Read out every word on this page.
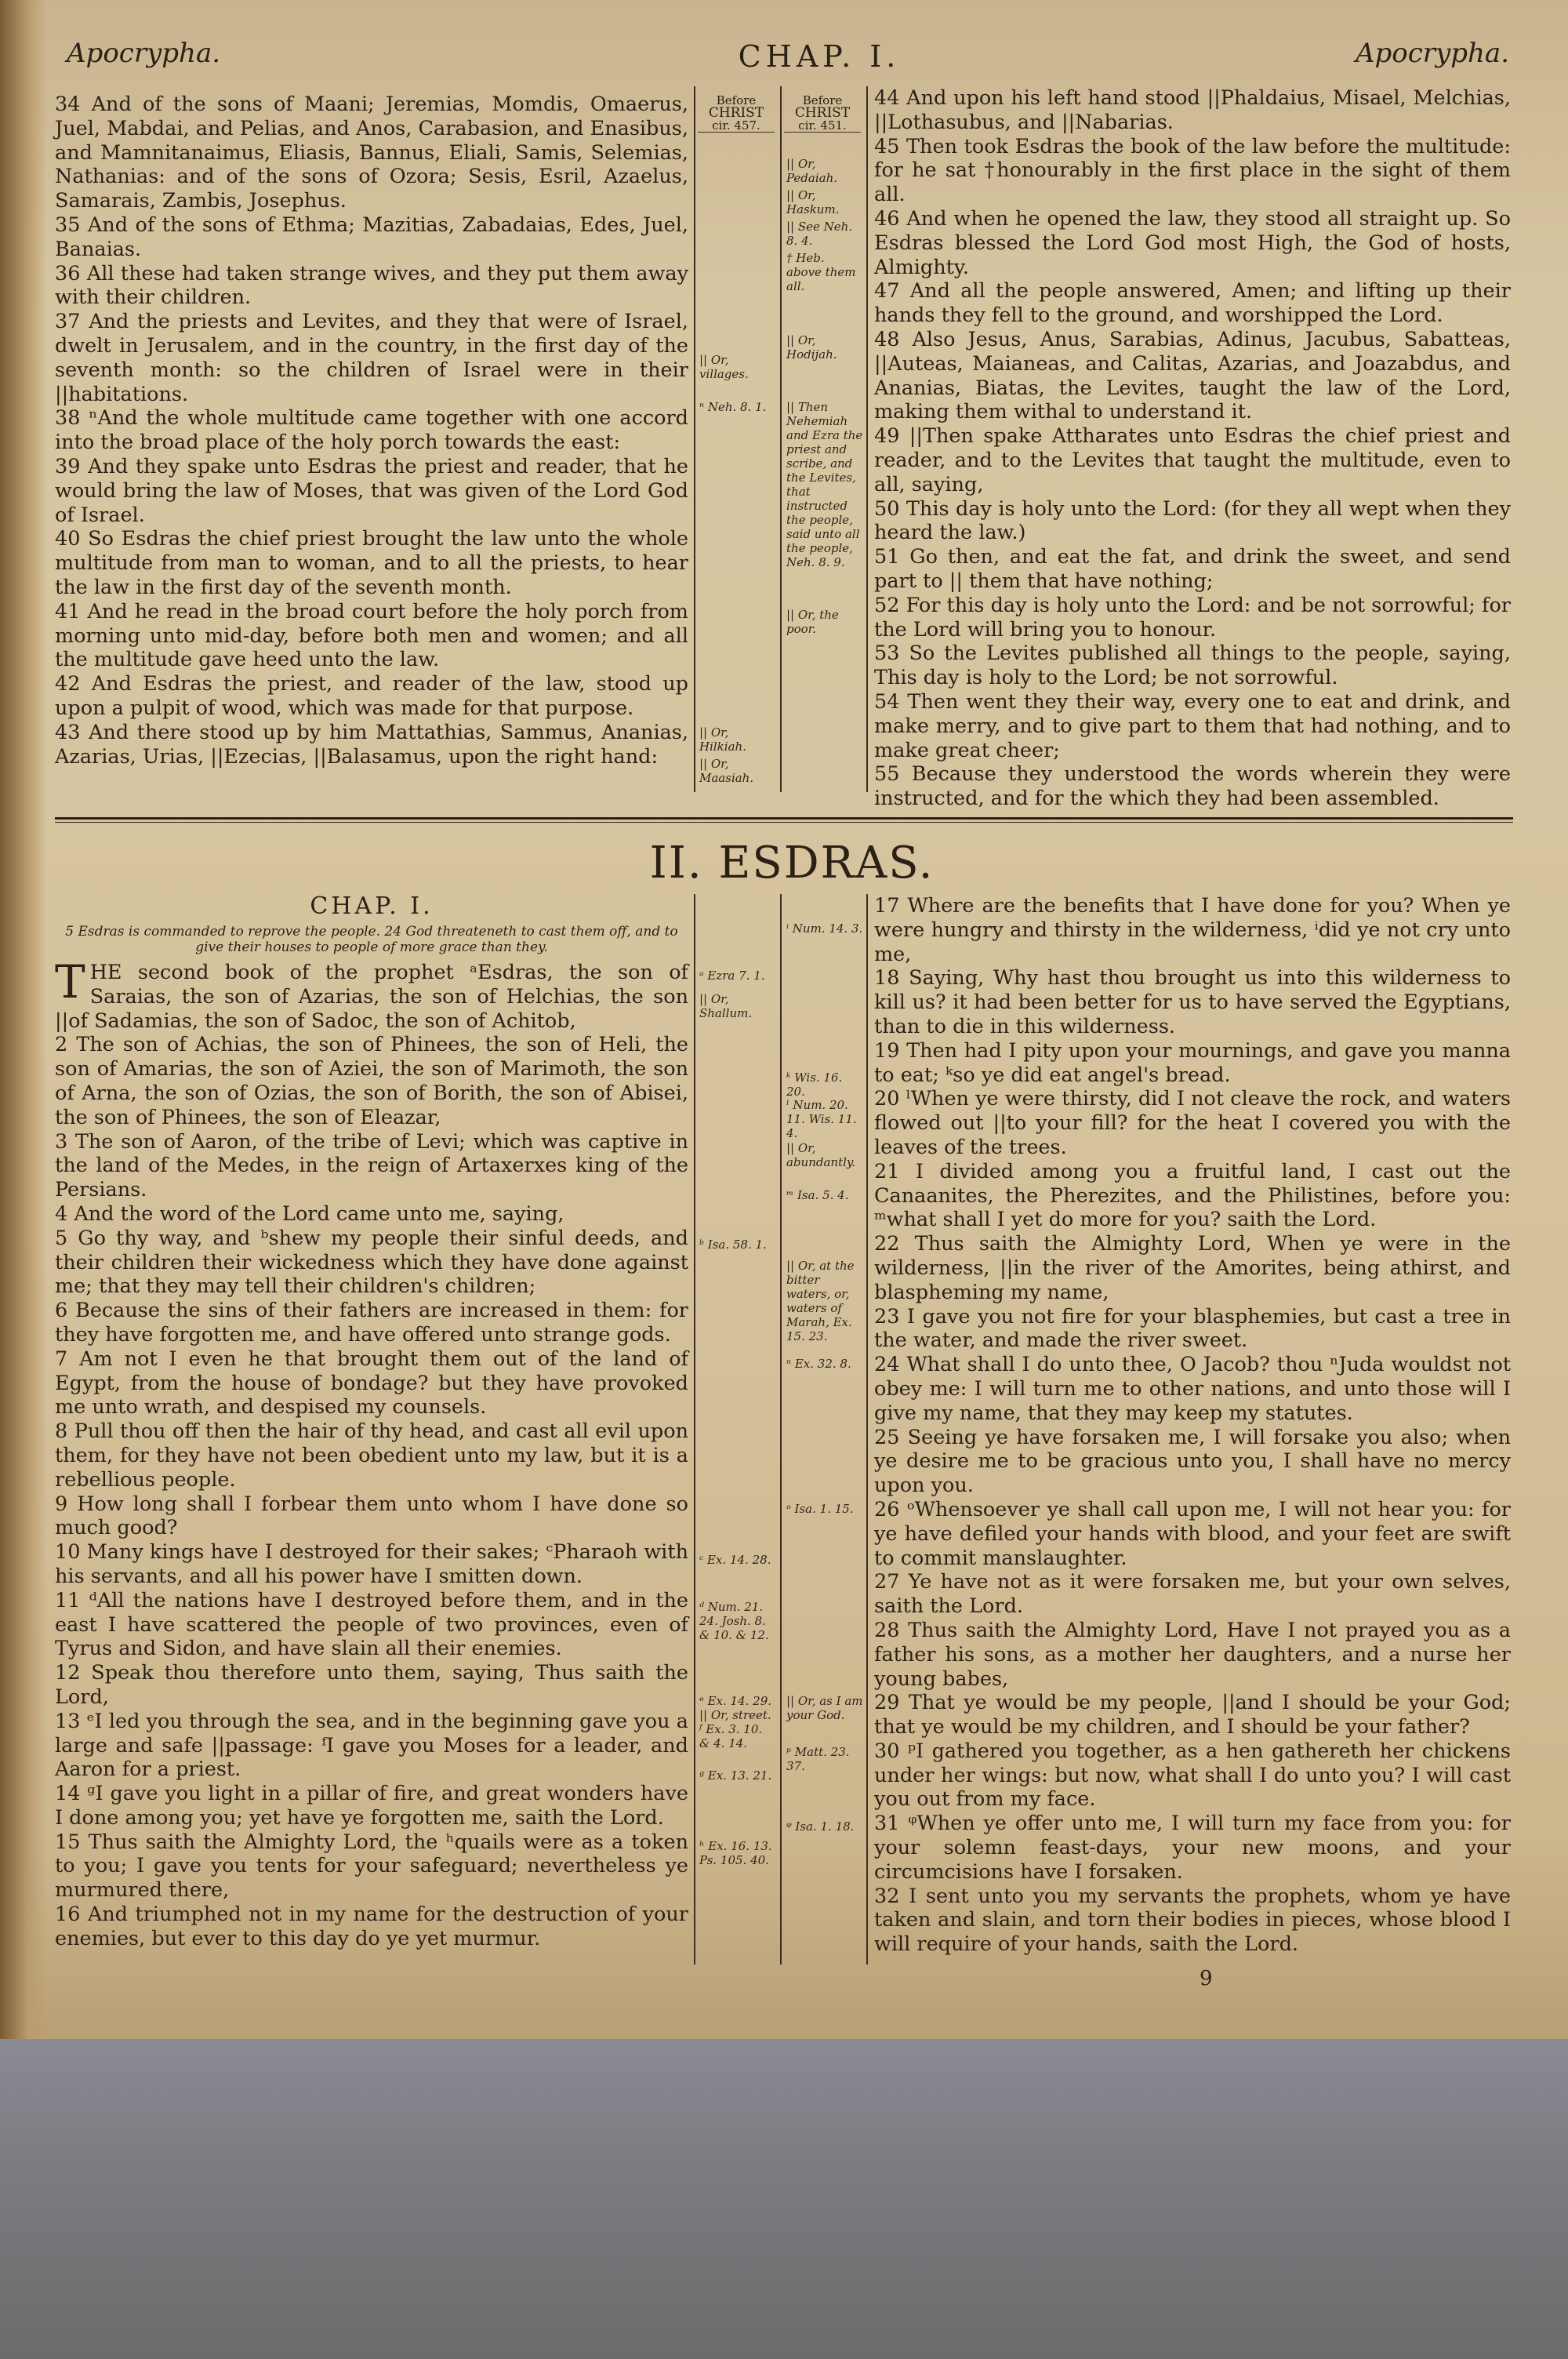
Apocrypha.	CHAP. I.	Apocrypha.

34 And of the sons of Maani; Jeremias, Momdis, Omaerus, Juel, Mabdai, and Pelias, and Anos, Carabasion, and Enasibus, and Mamnitanaimus, Eliasis, Bannus, Eliali, Samis, Selemias, Nathanias: and of the sons of Ozora; Sesis, Esril, Azaelus, Samarais, Zambis, Josephus.

35 And of the sons of Ethma; Mazitias, Zabadaias, Edes, Juel, Banaias.

36 All these had taken strange wives, and they put them away with their children.

37 And the priests and Levites, and they that were of Israel, dwelt in Jerusalem, and in the country, in the first day of the seventh month: so the children of Israel were in their ||habitations.

38 ⁿAnd the whole multitude came together with one accord into the broad place of the holy porch towards the east:

39 And they spake unto Esdras the priest and reader, that he would bring the law of Moses, that was given of the Lord God of Israel.

40 So Esdras the chief priest brought the law unto the whole multitude from man to woman, and to all the priests, to hear the law in the first day of the seventh month.

41 And he read in the broad court before the holy porch from morning unto mid-day, before both men and women; and all the multitude gave heed unto the law.

42 And Esdras the priest, and reader of the law, stood up upon a pulpit of wood, which was made for that purpose.

43 And there stood up by him Mattathias, Sammus, Ananias, Azarias, Urias, ||Ezecias, ||Balasamus, upon the right hand:

Before
CHRIST
cir. 457.
Before
CHRIST
cir. 451.
|| Or, villages.
ⁿ Neh. 8. 1.
|| Or, Hilkiah.
|| Or, Maasiah.
|| Or, Pedaiah.
|| Or, Haskum.
|| See Neh. 8. 4.
† Heb. above them all.
|| Or, Hodijah.
|| Then Nehemiah and Ezra the priest and scribe, and the Levites, that instructed the people, said unto all the people, Neh. 8. 9.
|| Or, the poor.

44 And upon his left hand stood ||Phaldaius, Misael, Melchias, ||Lothasubus, and ||Nabarias.

45 Then took Esdras the book of the law before the multitude: for he sat †honourably in the first place in the sight of them all.

46 And when he opened the law, they stood all straight up. So Esdras blessed the Lord God most High, the God of hosts, Almighty.

47 And all the people answered, Amen; and lifting up their hands they fell to the ground, and worshipped the Lord.

48 Also Jesus, Anus, Sarabias, Adinus, Jacubus, Sabatteas, ||Auteas, Maianeas, and Calitas, Azarias, and Joazabdus, and Ananias, Biatas, the Levites, taught the law of the Lord, making them withal to understand it.

49 ||Then spake Attharates unto Esdras the chief priest and reader, and to the Levites that taught the multitude, even to all, saying,

50 This day is holy unto the Lord: (for they all wept when they heard the law.)

51 Go then, and eat the fat, and drink the sweet, and send part to || them that have nothing;

52 For this day is holy unto the Lord: and be not sorrowful; for the Lord will bring you to honour.

53 So the Levites published all things to the people, saying, This day is holy to the Lord; be not sorrowful.

54 Then went they their way, every one to eat and drink, and make merry, and to give part to them that had nothing, and to make great cheer;

55 Because they understood the words wherein they were instructed, and for the which they had been assembled.

II. ESDRAS.
CHAP. I.
5 Esdras is commanded to reprove the people. 24 God threateneth to cast them off, and to give their houses to people of more grace than they.

THE second book of the prophet ᵃEsdras, the son of Saraias, the son of Azarias, the son of Helchias, the son ||of Sadamias, the son of Sadoc, the son of Achitob,

2 The son of Achias, the son of Phinees, the son of Heli, the son of Amarias, the son of Aziei, the son of Marimoth, the son of Arna, the son of Ozias, the son of Borith, the son of Abisei, the son of Phinees, the son of Eleazar,

3 The son of Aaron, of the tribe of Levi; which was captive in the land of the Medes, in the reign of Artaxerxes king of the Persians.

4 And the word of the Lord came unto me, saying,

5 Go thy way, and ᵇshew my people their sinful deeds, and their children their wickedness which they have done against me; that they may tell their children's children;

6 Because the sins of their fathers are increased in them: for they have forgotten me, and have offered unto strange gods.

7 Am not I even he that brought them out of the land of Egypt, from the house of bondage? but they have provoked me unto wrath, and despised my counsels.

8 Pull thou off then the hair of thy head, and cast all evil upon them, for they have not been obedient unto my law, but it is a rebellious people.

9 How long shall I forbear them unto whom I have done so much good?

10 Many kings have I destroyed for their sakes; ᶜPharaoh with his servants, and all his power have I smitten down.

11 ᵈAll the nations have I destroyed before them, and in the east I have scattered the people of two provinces, even of Tyrus and Sidon, and have slain all their enemies.

12 Speak thou therefore unto them, saying, Thus saith the Lord,

13 ᵉI led you through the sea, and in the beginning gave you a large and safe ||passage: ᶠI gave you Moses for a leader, and Aaron for a priest.

14 ᵍI gave you light in a pillar of fire, and great wonders have I done among you; yet have ye forgotten me, saith the Lord.

15 Thus saith the Almighty Lord, the ʰquails were as a token to you; I gave you tents for your safeguard; nevertheless ye murmured there,

16 And triumphed not in my name for the destruction of your enemies, but ever to this day do ye yet murmur.

ᵃ Ezra 7. 1.
|| Or, Shallum.
ᵇ Isa. 58. 1.
ᶜ Ex. 14. 28.
ᵈ Num. 21. 24. Josh. 8. & 10. & 12.
ᵉ Ex. 14. 29. || Or, street. ᶠ Ex. 3. 10. & 4. 14.
ᵍ Ex. 13. 21.
ʰ Ex. 16. 13. Ps. 105. 40.
ⁱ Num. 14. 3.
ᵏ Wis. 16. 20.
ˡ Num. 20. 11. Wis. 11. 4.
|| Or, abundantly.
ᵐ Isa. 5. 4.
|| Or, at the bitter waters, or, waters of Marah, Ex. 15. 23.
ⁿ Ex. 32. 8.
ᵒ Isa. 1. 15.
|| Or, as I am your God.
ᵖ Matt. 23. 37.
ᵠ Isa. 1. 18.

17 Where are the benefits that I have done for you? When ye were hungry and thirsty in the wilderness, ⁱdid ye not cry unto me,

18 Saying, Why hast thou brought us into this wilderness to kill us? it had been better for us to have served the Egyptians, than to die in this wilderness.

19 Then had I pity upon your mournings, and gave you manna to eat; ᵏso ye did eat angel's bread.

20 ˡWhen ye were thirsty, did I not cleave the rock, and waters flowed out ||to your fill? for the heat I covered you with the leaves of the trees.

21 I divided among you a fruitful land, I cast out the Canaanites, the Pherezites, and the Philistines, before you: ᵐwhat shall I yet do more for you? saith the Lord.

22 Thus saith the Almighty Lord, When ye were in the wilderness, ||in the river of the Amorites, being athirst, and blaspheming my name,

23 I gave you not fire for your blasphemies, but cast a tree in the water, and made the river sweet.

24 What shall I do unto thee, O Jacob? thou ⁿJuda wouldst not obey me: I will turn me to other nations, and unto those will I give my name, that they may keep my statutes.

25 Seeing ye have forsaken me, I will forsake you also; when ye desire me to be gracious unto you, I shall have no mercy upon you.

26 ᵒWhensoever ye shall call upon me, I will not hear you: for ye have defiled your hands with blood, and your feet are swift to commit manslaughter.

27 Ye have not as it were forsaken me, but your own selves, saith the Lord.

28 Thus saith the Almighty Lord, Have I not prayed you as a father his sons, as a mother her daughters, and a nurse her young babes,

29 That ye would be my people, ||and I should be your God; that ye would be my children, and I should be your father?

30 ᵖI gathered you together, as a hen gathereth her chickens under her wings: but now, what shall I do unto you? I will cast you out from my face.

31 ᵠWhen ye offer unto me, I will turn my face from you: for your solemn feast-days, your new moons, and your circumcisions have I forsaken.

32 I sent unto you my servants the prophets, whom ye have taken and slain, and torn their bodies in pieces, whose blood I will require of your hands, saith the Lord.

9
